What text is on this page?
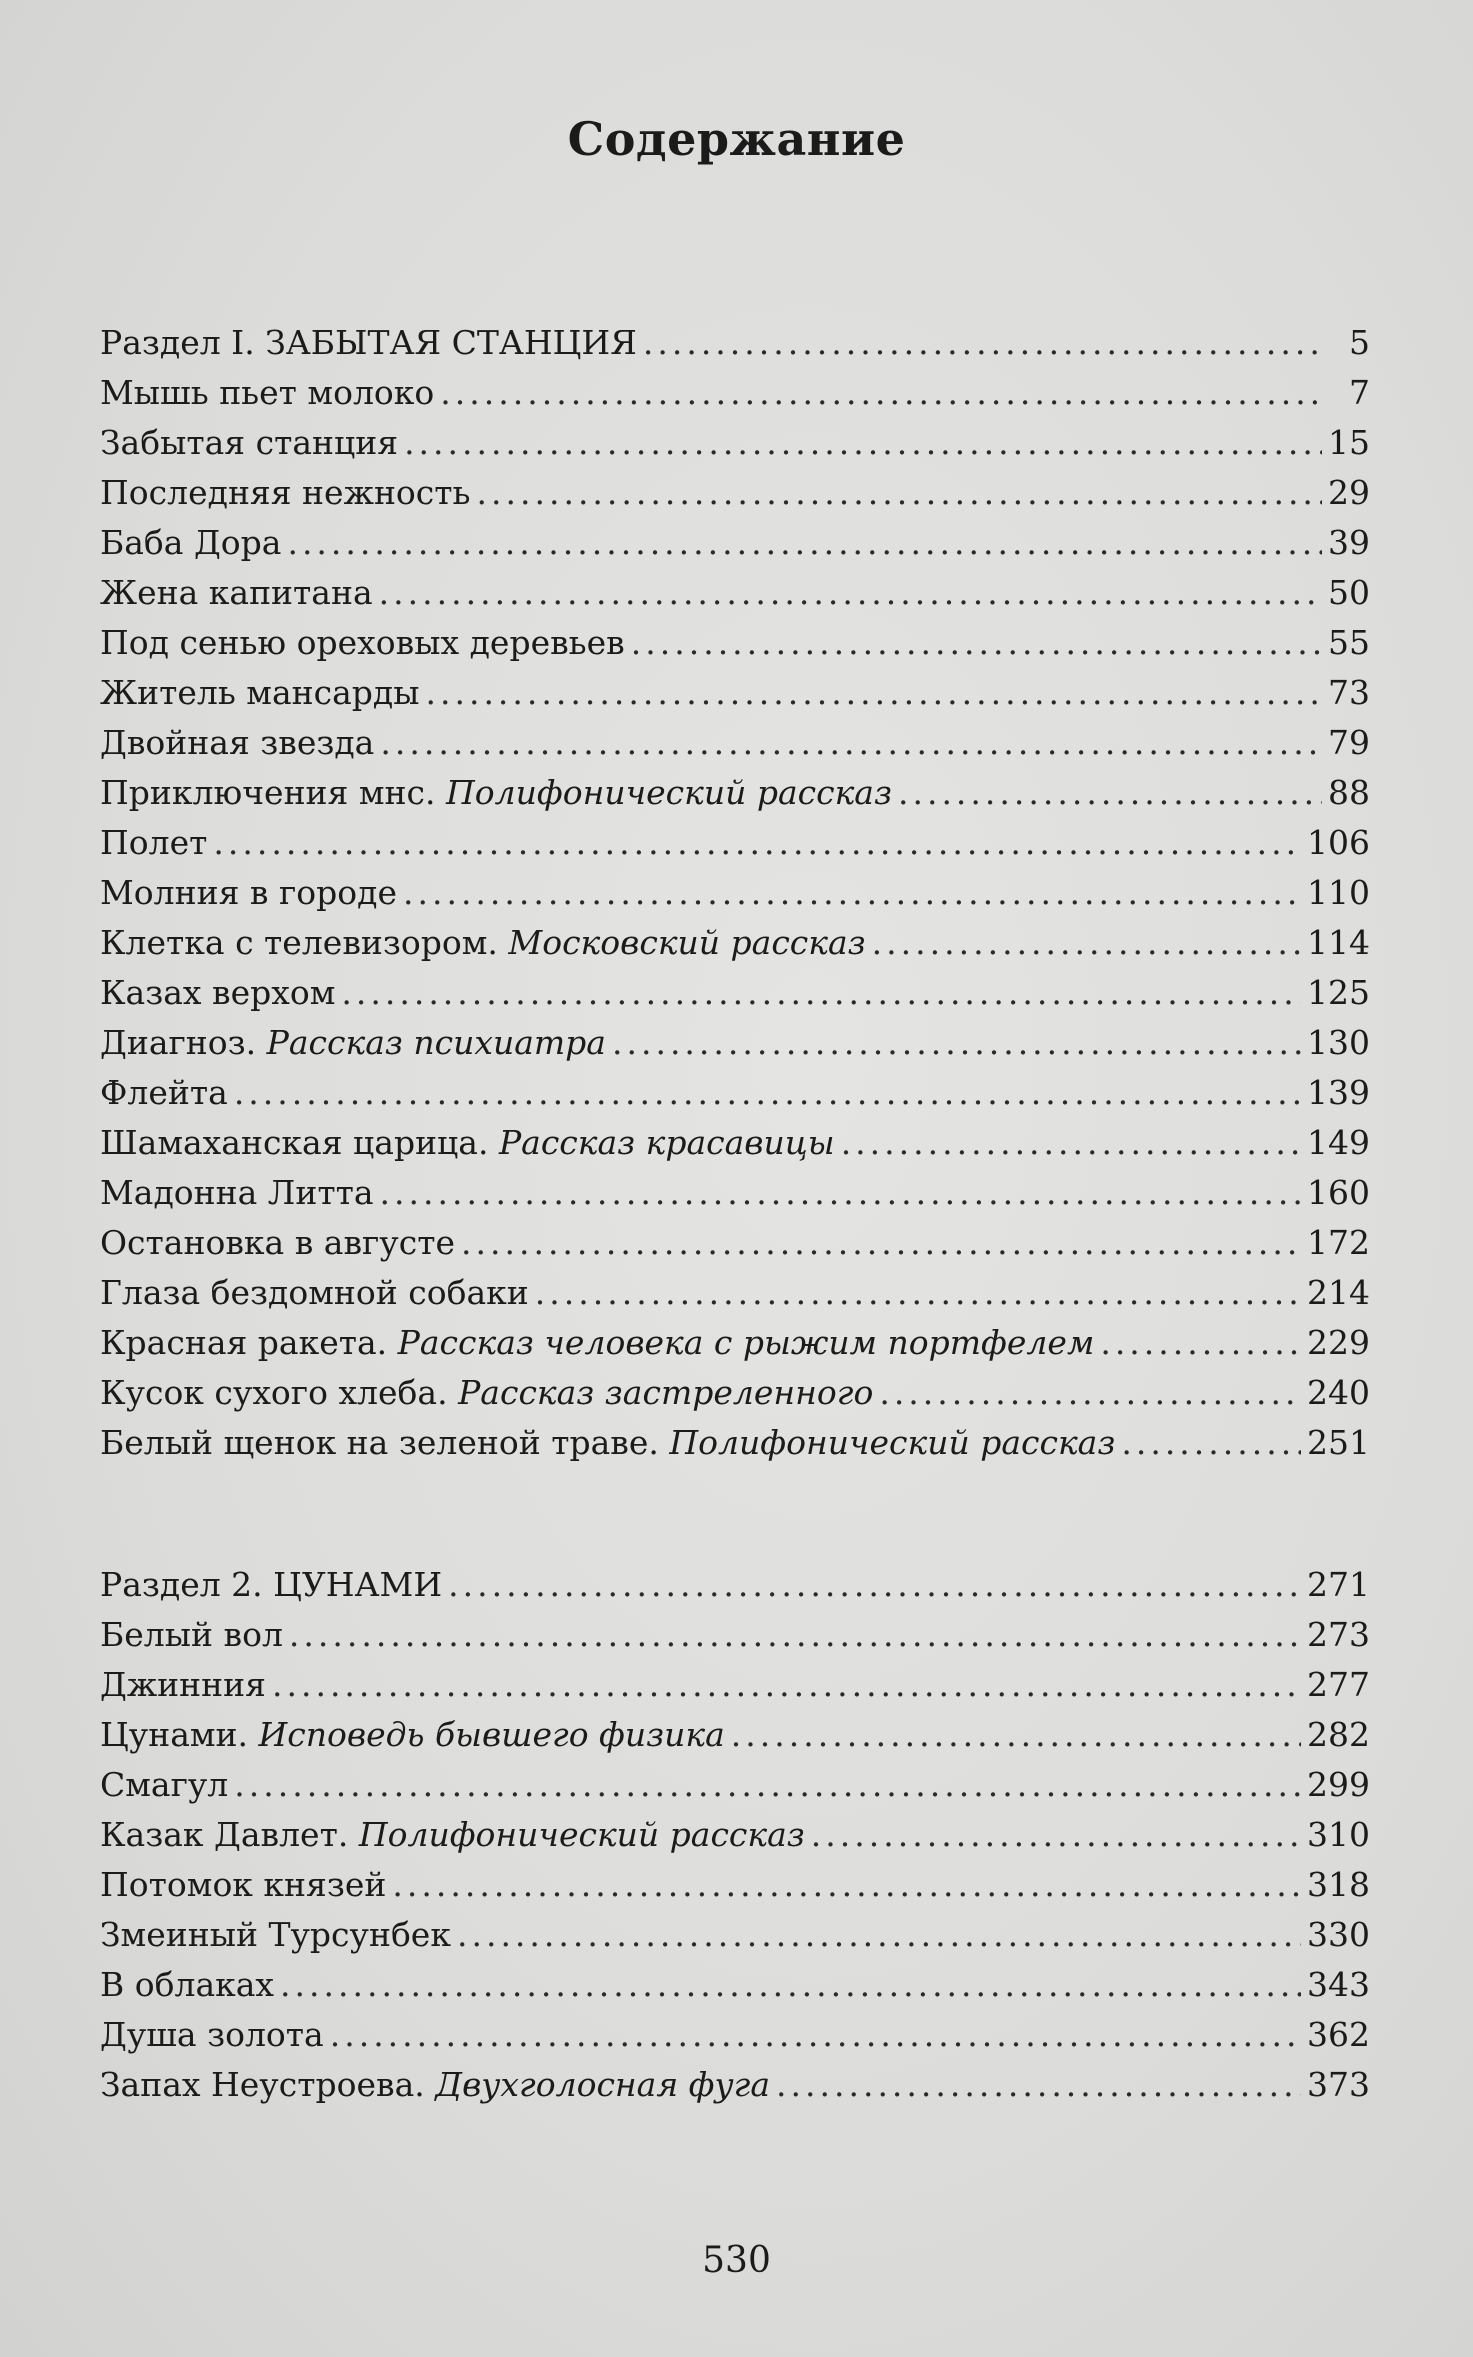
Содержание
Раздел I. ЗАБЫТАЯ СТАНЦИЯ .....	5
Мышь пьет молоко .....	7
Забытая станция .....	15
Последняя нежность .....	29
Баба Дора .....	39
Жена капитана .....	50
Под сенью ореховых деревьев .....	55
Житель мансарды .....	73
Двойная звезда .....	79
Приключения мнс. Полифонический рассказ .....	88
Полет .....	106
Молния в городе .....	110
Клетка с телевизором. Московский рассказ .....	114
Казах верхом .....	125
Диагноз. Рассказ психиатра .....	130
Флейта .....	139
Шамаханская царица. Рассказ красавицы .....	149
Мадонна Литта .....	160
Остановка в августе .....	172
Глаза бездомной собаки .....	214
Красная ракета. Рассказ человека с рыжим портфелем .....	229
Кусок сухого хлеба. Рассказ застреленного .....	240
Белый щенок на зеленой траве. Полифонический рассказ .....	251
Раздел 2. ЦУНАМИ .....	271
Белый вол .....	273
Джинния .....	277
Цунами. Исповедь бывшего физика .....	282
Смагул .....	299
Казак Давлет. Полифонический рассказ .....	310
Потомок князей .....	318
Змеиный Турсунбек .....	330
В облаках .....	343
Душа золота .....	362
Запах Неустроева. Двухголосная фуга .....	373
530
